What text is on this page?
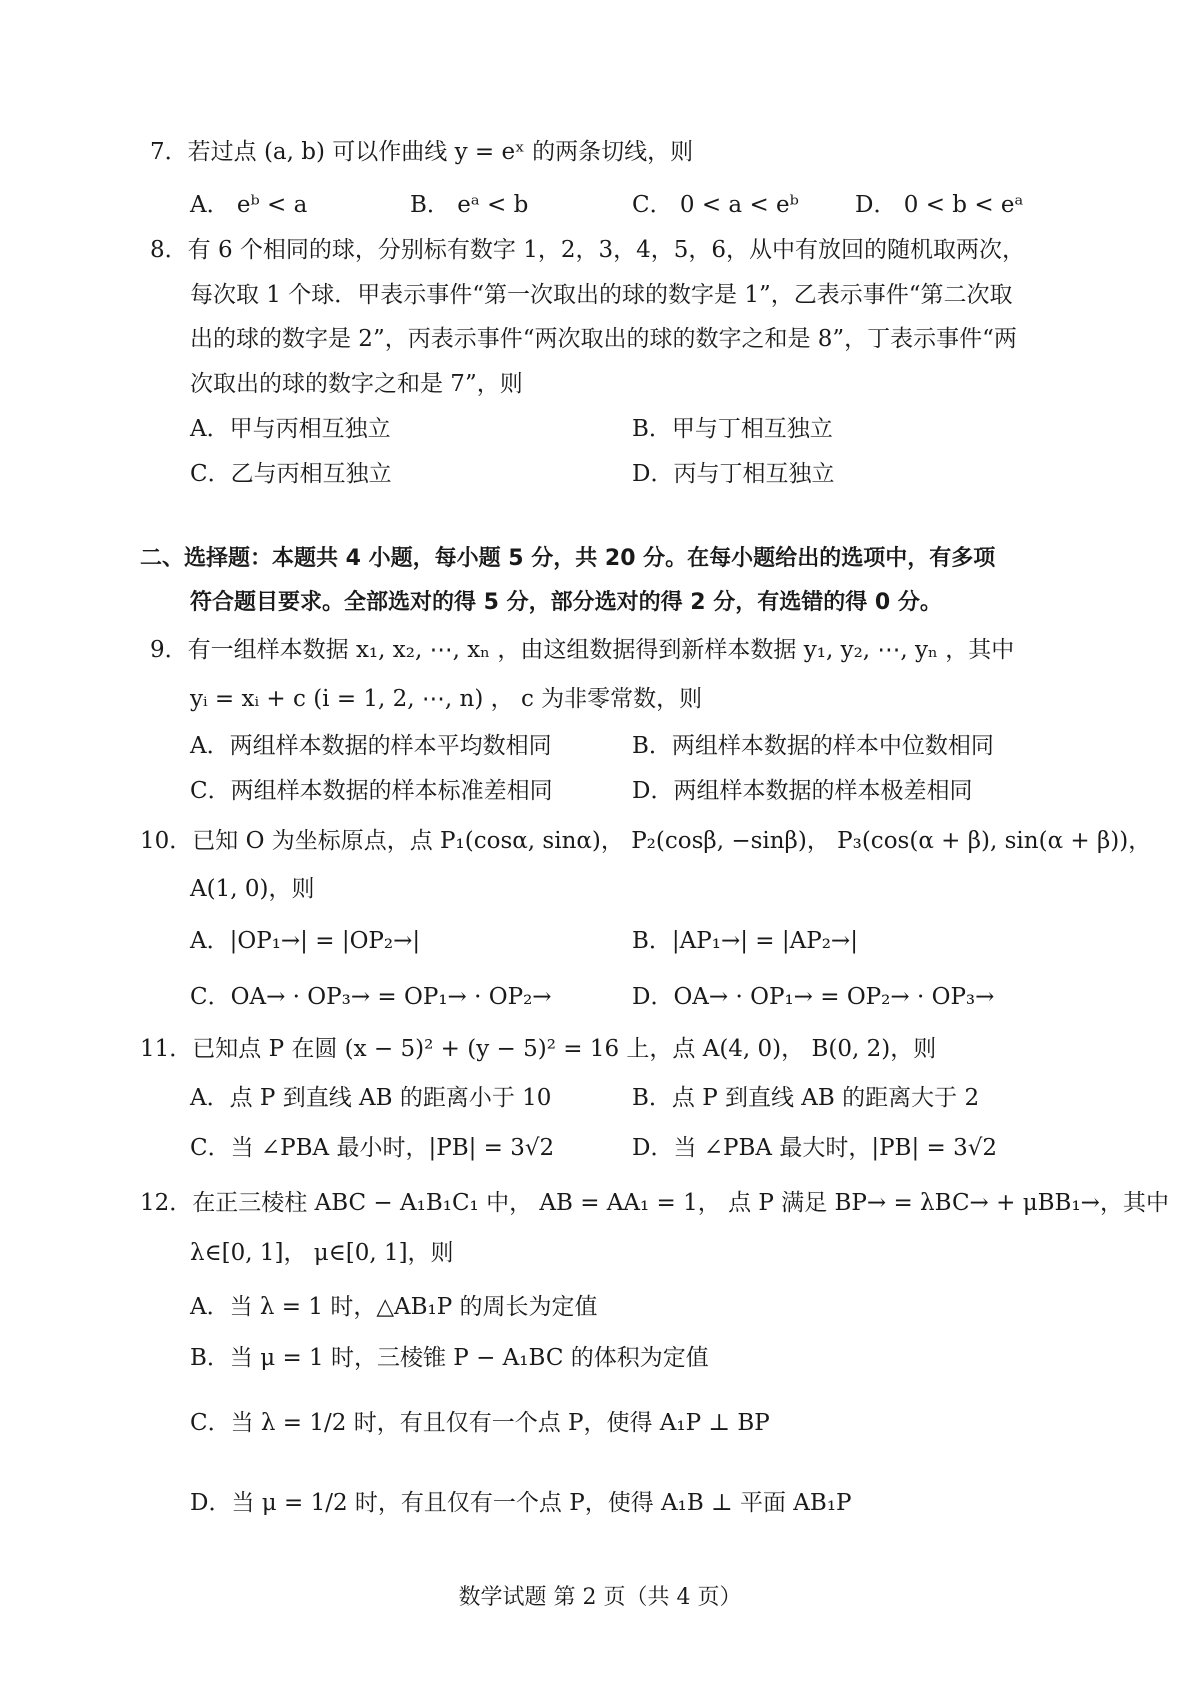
7．若过点 (a, b) 可以作曲线 y = eˣ 的两条切线，则
A． eᵇ < a	B． eᵃ < b	C． 0 < a < eᵇ D． 0 < b < eᵃ
8．有 6 个相同的球，分别标有数字 1，2，3，4，5，6，从中有放回的随机取两次，
每次取 1 个球．甲表示事件“第一次取出的球的数字是 1”，乙表示事件“第二次取
出的球的数字是 2”，丙表示事件“两次取出的球的数字之和是 8”，丁表示事件“两
次取出的球的数字之和是 7”，则
A．甲与丙相互独立	B．甲与丁相互独立
C．乙与丙相互独立	D．丙与丁相互独立
二、选择题：本题共 4 小题，每小题 5 分，共 20 分。在每小题给出的选项中，有多项
符合题目要求。全部选对的得 5 分，部分选对的得 2 分，有选错的得 0 分。
9．有一组样本数据 x₁, x₂, ⋯, xₙ ，由这组数据得到新样本数据 y₁, y₂, ⋯, yₙ ，其中
yᵢ = xᵢ + c (i = 1, 2, ⋯, n) ， c 为非零常数，则
A．两组样本数据的样本平均数相同	B．两组样本数据的样本中位数相同
C．两组样本数据的样本标准差相同	D．两组样本数据的样本极差相同
10．已知 O 为坐标原点，点 P₁(cosα, sinα)， P₂(cosβ, −sinβ)， P₃(cos(α + β), sin(α + β))，
A(1, 0)，则
A．|OP₁→| = |OP₂→|	B．|AP₁→| = |AP₂→|
C．OA→ · OP₃→ = OP₁→ · OP₂→	D．OA→ · OP₁→ = OP₂→ · OP₃→
11．已知点 P 在圆 (x − 5)² + (y − 5)² = 16 上，点 A(4, 0)， B(0, 2)，则
A．点 P 到直线 AB 的距离小于 10	B．点 P 到直线 AB 的距离大于 2
C．当 ∠PBA 最小时，|PB| = 3√2	D．当 ∠PBA 最大时，|PB| = 3√2
12．在正三棱柱 ABC − A₁B₁C₁ 中， AB = AA₁ = 1， 点 P 满足 BP→ = λBC→ + μBB₁→，其中
λ∈[0, 1]， μ∈[0, 1]，则
A．当 λ = 1 时，△AB₁P 的周长为定值
B．当 μ = 1 时，三棱锥 P − A₁BC 的体积为定值
C．当 λ = 1/2 时，有且仅有一个点 P，使得 A₁P ⊥ BP
D．当 μ = 1/2 时，有且仅有一个点 P，使得 A₁B ⊥ 平面 AB₁P
数学试题 第 2 页（共 4 页）
